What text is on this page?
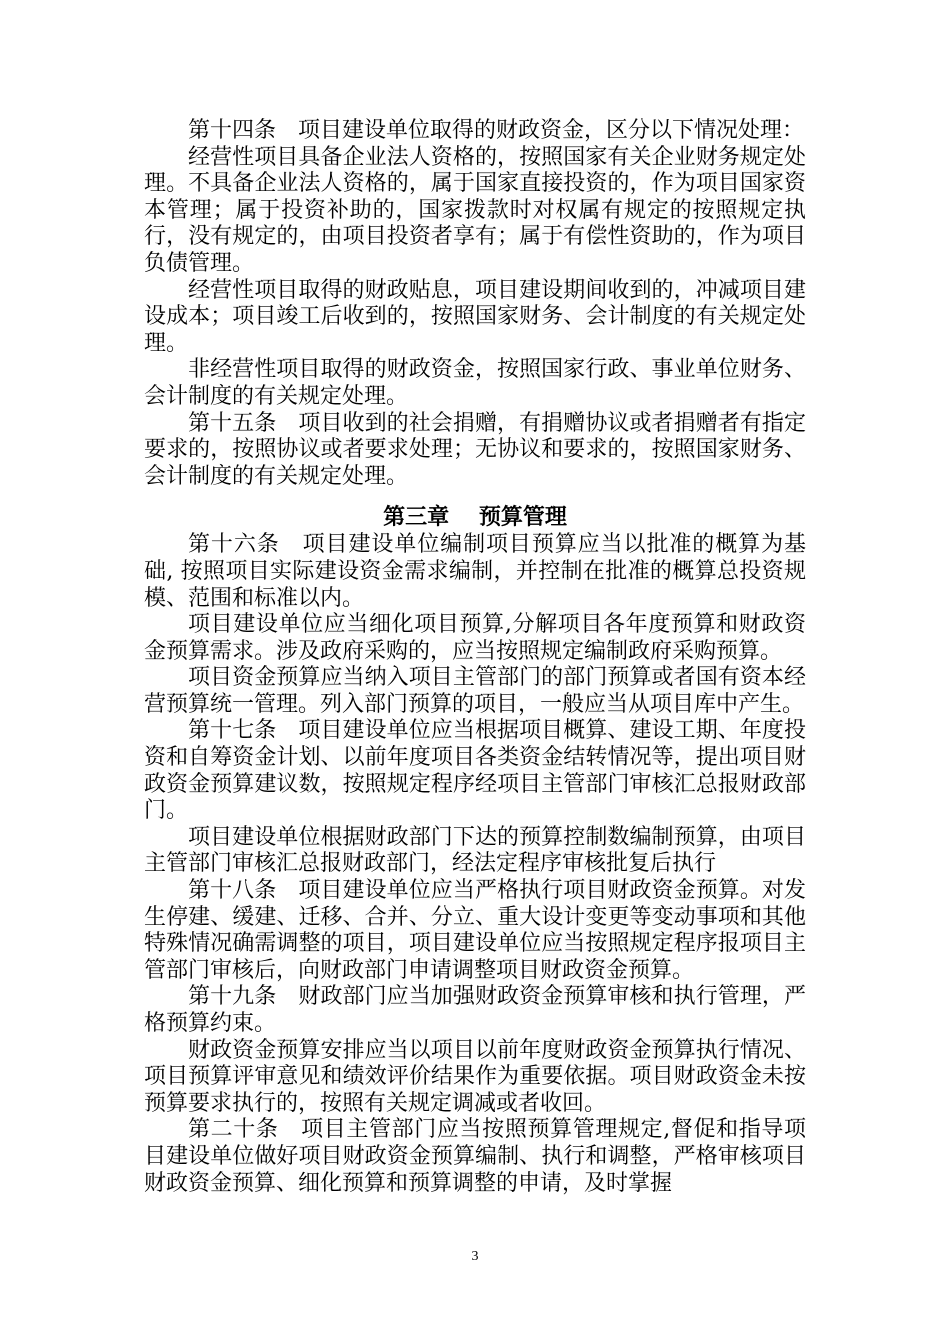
第十四条　项目建设单位取得的财政资金，区分以下情况处理：

经营性项目具备企业法人资格的，按照国家有关企业财务规定处理。不具备企业法人资格的，属于国家直接投资的，作为项目国家资本管理；属于投资补助的，国家拨款时对权属有规定的按照规定执行，没有规定的，由项目投资者享有；属于有偿性资助的，作为项目负债管理。

经营性项目取得的财政贴息，项目建设期间收到的，冲减项目建设成本；项目竣工后收到的，按照国家财务、会计制度的有关规定处理。

非经营性项目取得的财政资金，按照国家行政、事业单位财务、会计制度的有关规定处理。

第十五条　项目收到的社会捐赠，有捐赠协议或者捐赠者有指定要求的，按照协议或者要求处理；无协议和要求的，按照国家财务、会计制度的有关规定处理。

第三章　 预算管理

第十六条　项目建设单位编制项目预算应当以批准的概算为基础, 按照项目实际建设资金需求编制，并控制在批准的概算总投资规模、范围和标准以内。

项目建设单位应当细化项目预算,分解项目各年度预算和财政资金预算需求。涉及政府采购的，应当按照规定编制政府采购预算。

项目资金预算应当纳入项目主管部门的部门预算或者国有资本经营预算统一管理。列入部门预算的项目，一般应当从项目库中产生。

第十七条　项目建设单位应当根据项目概算、建设工期、年度投资和自筹资金计划、以前年度项目各类资金结转情况等，提出项目财政资金预算建议数，按照规定程序经项目主管部门审核汇总报财政部门。

项目建设单位根据财政部门下达的预算控制数编制预算，由项目主管部门审核汇总报财政部门，经法定程序审核批复后执行

第十八条　项目建设单位应当严格执行项目财政资金预算。对发生停建、缓建、迁移、合并、分立、重大设计变更等变动事项和其他特殊情况确需调整的项目，项目建设单位应当按照规定程序报项目主管部门审核后，向财政部门申请调整项目财政资金预算。

第十九条　财政部门应当加强财政资金预算审核和执行管理，严格预算约束。

财政资金预算安排应当以项目以前年度财政资金预算执行情况、项目预算评审意见和绩效评价结果作为重要依据。项目财政资金未按预算要求执行的，按照有关规定调减或者收回。

第二十条　项目主管部门应当按照预算管理规定,督促和指导项目建设单位做好项目财政资金预算编制、执行和调整，严格审核项目财政资金预算、细化预算和预算调整的申请，及时掌握

3
